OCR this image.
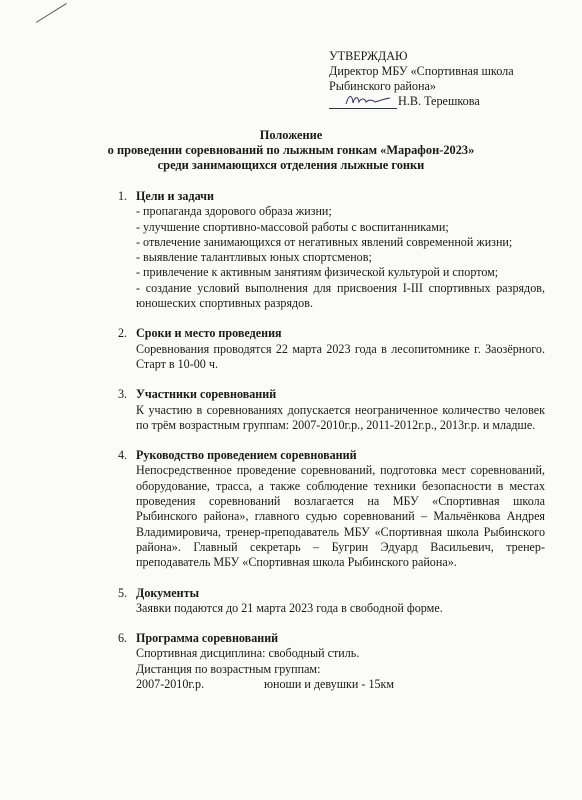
УТВЕРЖДАЮ
Директор МБУ «Спортивная школа
Рыбинского района»
Н.В. Терешкова
Положение
о проведении соревнований по лыжным гонкам «Марафон-2023»
среди занимающихся отделения лыжные гонки
1. Цели и задачи
- пропаганда здорового образа жизни;
- улучшение спортивно-массовой работы с воспитанниками;
- отвлечение занимающихся от негативных явлений современной жизни;
- выявление талантливых юных спортсменов;
- привлечение к активным занятиям физической культурой и спортом;
- создание условий выполнения для присвоения I-III спортивных разрядов, юношеских спортивных разрядов.
2. Сроки и место проведения
Соревнования проводятся 22 марта 2023 года в лесопитомнике г. Заозёрного. Старт в 10-00 ч.
3. Участники соревнований
К участию в соревнованиях допускается неограниченное количество человек по трём возрастным группам: 2007-2010г.р., 2011-2012г.р., 2013г.р. и младше.
4. Руководство проведением соревнований
Непосредственное проведение соревнований, подготовка мест соревнований, оборудование, трасса, а также соблюдение техники безопасности в местах проведения соревнований возлагается на МБУ «Спортивная школа Рыбинского района», главного судью соревнований – Мальчёнкова Андрея Владимировича, тренер-преподаватель МБУ «Спортивная школа Рыбинского района». Главный секретарь – Бугрин Эдуард Васильевич, тренер-преподаватель МБУ «Спортивная школа Рыбинского района».
5. Документы
Заявки подаются до 21 марта 2023 года в свободной форме.
6. Программа соревнований
Спортивная дисциплина: свободный стиль.
Дистанция по возрастным группам:
2007-2010г.р.	юноши и девушки - 15км
